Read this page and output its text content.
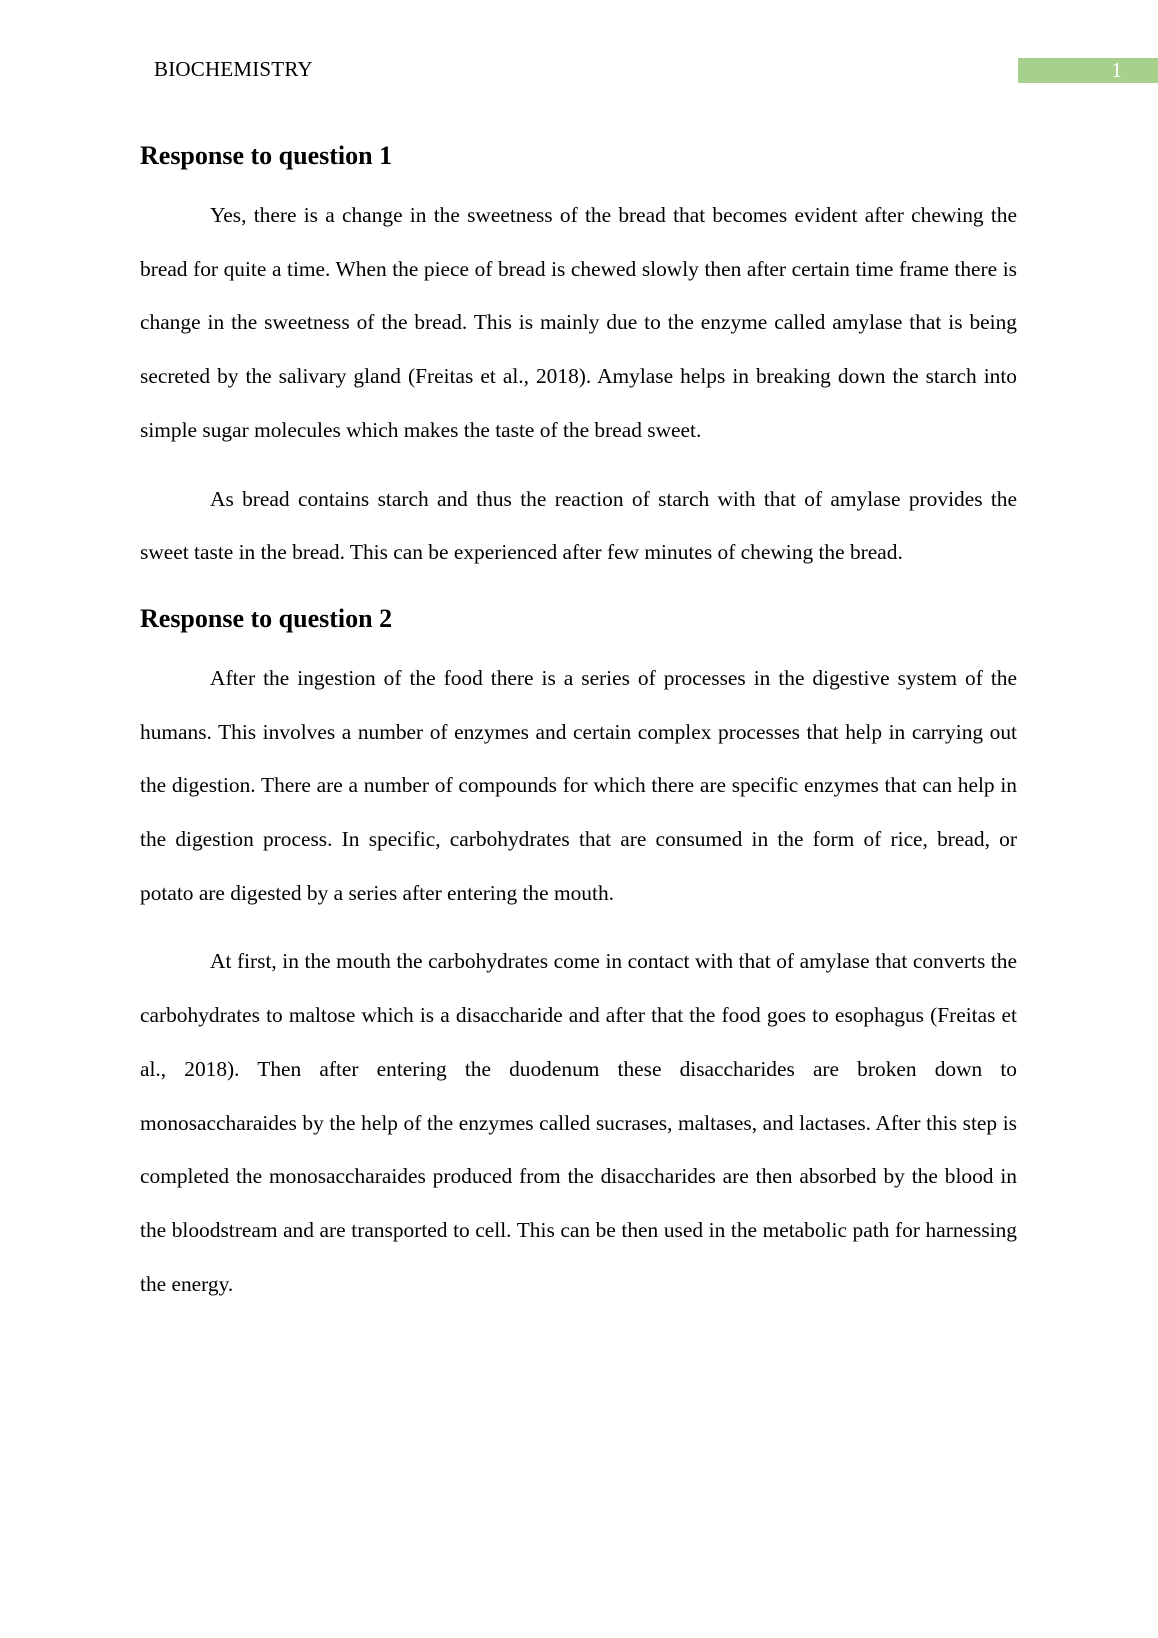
BIOCHEMISTRY	1
Response to question 1

Yes, there is a change in the sweetness of the bread that becomes evident after chewing the bread for quite a time. When the piece of bread is chewed slowly then after certain time frame there is change in the sweetness of the bread. This is mainly due to the enzyme called amylase that is being secreted by the salivary gland (Freitas et al., 2018). Amylase helps in breaking down the starch into simple sugar molecules which makes the taste of the bread sweet.

As bread contains starch and thus the reaction of starch with that of amylase provides the sweet taste in the bread. This can be experienced after few minutes of chewing the bread.

Response to question 2

After the ingestion of the food there is a series of processes in the digestive system of the humans. This involves a number of enzymes and certain complex processes that help in carrying out the digestion. There are a number of compounds for which there are specific enzymes that can help in the digestion process. In specific, carbohydrates that are consumed in the form of rice, bread, or potato are digested by a series after entering the mouth.

At first, in the mouth the carbohydrates come in contact with that of amylase that converts the carbohydrates to maltose which is a disaccharide and after that the food goes to esophagus (Freitas et al., 2018). Then after entering the duodenum these disaccharides are broken down to monosaccharaides by the help of the enzymes called sucrases, maltases, and lactases. After this step is completed the monosaccharaides produced from the disaccharides are then absorbed by the blood in the bloodstream and are transported to cell. This can be then used in the metabolic path for harnessing the energy.
